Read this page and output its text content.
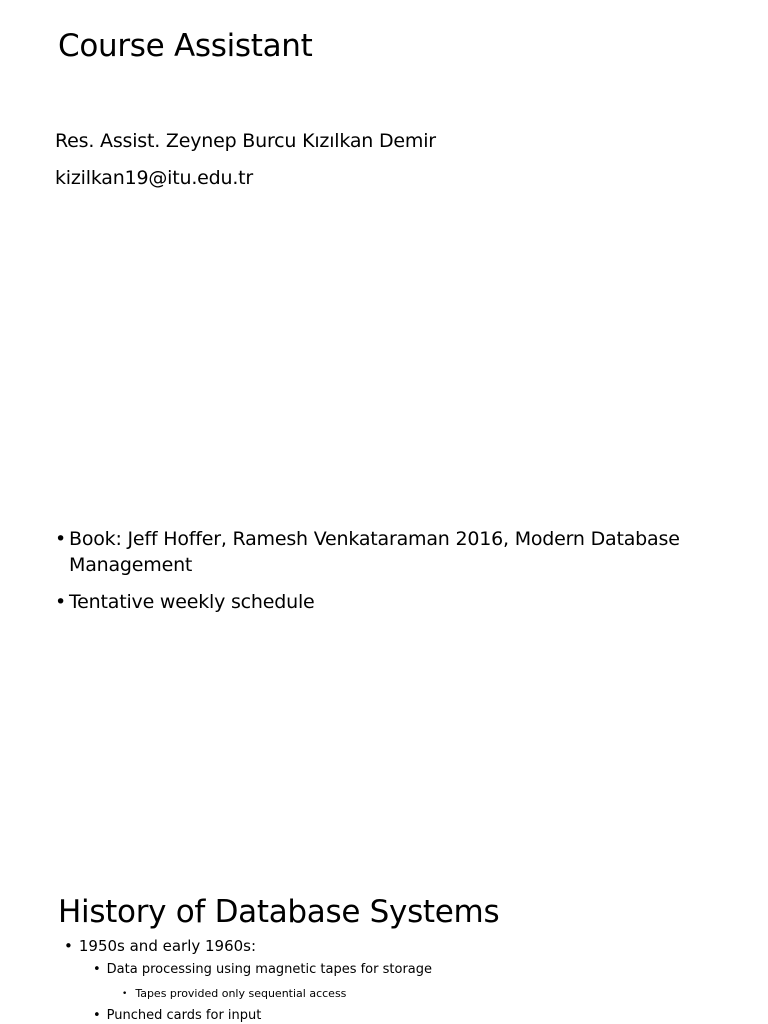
Course Assistant

Res. Assist. Zeynep Burcu Kızılkan Demir

kizilkan19@itu.edu.tr

• Book: Jeff Hoffer, Ramesh Venkataraman 2016, Modern Database Management
• Tentative weekly schedule
History of Database Systems
• 1950s and early 1960s:
• Data processing using magnetic tapes for storage
• Tapes provided only sequential access
• Punched cards for input
